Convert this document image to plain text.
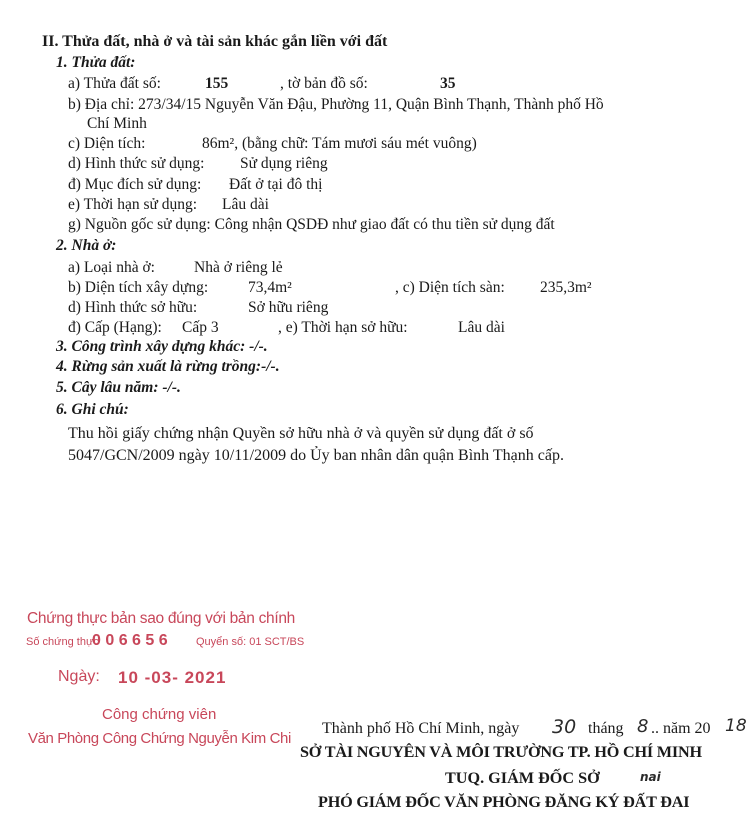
II. Thửa đất, nhà ở và tài sản khác gắn liền với đất
1. Thửa đất:
a) Thửa đất số:	155	, tờ bản đồ số:	35
b) Địa chỉ: 273/34/15 Nguyễn Văn Đậu, Phường 11, Quận Bình Thạnh, Thành phố Hồ
Chí Minh
c) Diện tích:	86m², (bằng chữ: Tám mươi sáu mét vuông)
d) Hình thức sử dụng: Sử dụng riêng
đ) Mục đích sử dụng: Đất ở tại đô thị
e) Thời hạn sử dụng: Lâu dài
g) Nguồn gốc sử dụng: Công nhận QSDĐ như giao đất có thu tiền sử dụng đất
2. Nhà ở:
a) Loại nhà ở:	Nhà ở riêng lẻ
b) Diện tích xây dựng:	73,4m²	, c) Diện tích sàn: 235,3m²
d) Hình thức sở hữu:	Sở hữu riêng
đ) Cấp (Hạng): Cấp 3	, e) Thời hạn sở hữu:	Lâu dài
3. Công trình xây dựng khác: -/-.
4. Rừng sản xuất là rừng trồng:-/-.
5. Cây lâu năm: -/-.
6. Ghi chú:
Thu hồi giấy chứng nhận Quyền sở hữu nhà ở và quyền sử dụng đất ở số
5047/GCN/2009 ngày 10/11/2009 do Ủy ban nhân dân quận Bình Thạnh cấp.
Chứng thực bản sao đúng với bản chính
Số chứng thực
0 0 6 6 5 6	Quyển số: 01 SCT/BS
Ngày: 10 -03- 2021
Công chứng viên
Văn Phòng Công Chứng Nguyễn Kim Chi
Thành phố Hồ Chí Minh, ngày 30 tháng 8 .. năm 20 18
SỞ TÀI NGUYÊN VÀ MÔI TRƯỜNG TP. HỒ CHÍ MINH
TUQ. GIÁM ĐỐC SỞ	nai
PHÓ GIÁM ĐỐC VĂN PHÒNG ĐĂNG KÝ ĐẤT ĐAI
